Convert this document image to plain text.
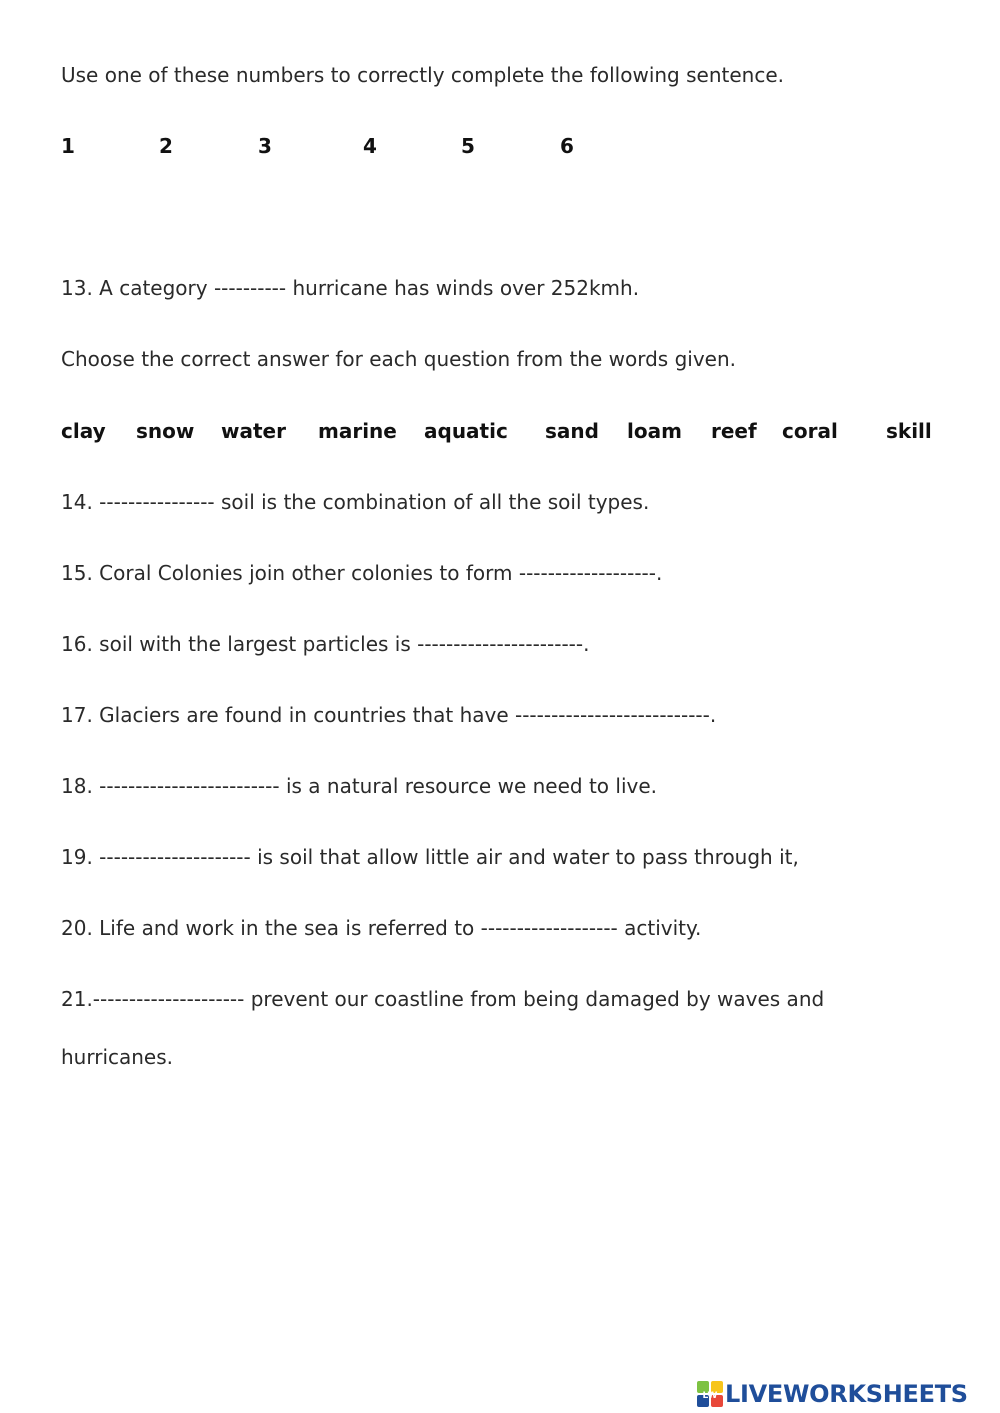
Use one of these numbers to correctly complete the following sentence.

1	2	3	4	5	6

13. A category ---------- hurricane has winds over 252kmh.

Choose the correct answer for each question from the words given.

clay snow water marine aquatic sand loam reef coral skill

14. ---------------- soil is the combination of all the soil types.

15. Coral Colonies join other colonies to form -------------------.

16. soil with the largest particles is -----------------------.

17. Glaciers are found in countries that have ---------------------------.

18. ------------------------- is a natural resource we need to live.

19. --------------------- is soil that allow little air and water to pass through it,

20. Life and work in the sea is referred to ------------------- activity.

21.--------------------- prevent our coastline from being damaged by waves and

hurricanes.

LW LIVEWORKSHEETS
